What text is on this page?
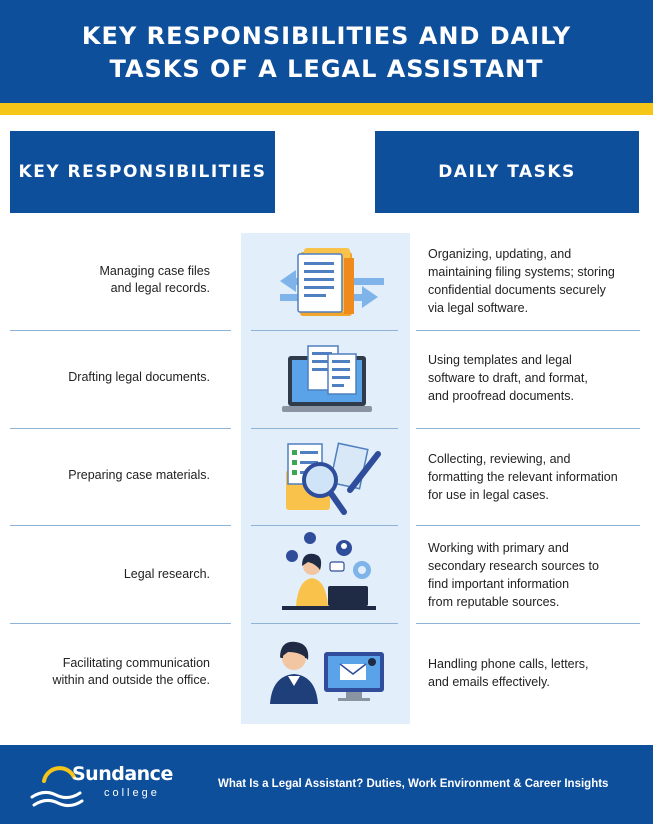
KEY RESPONSIBILITIES AND DAILY
TASKS OF A LEGAL ASSISTANT
KEY RESPONSIBILITIES	DAILY TASKS
Managing case files
and legal records.
Organizing, updating, and
maintaining filing systems; storing
confidential documents securely
via legal software.
Drafting legal documents.
Using templates and legal
software to draft, and format,
and proofread documents.
Preparing case materials.
Collecting, reviewing, and
formatting the relevant information
for use in legal cases.
Legal research.
Working with primary and
secondary research sources to
find important information
from reputable sources.
Facilitating communication
within and outside the office.
Handling phone calls, letters,
and emails effectively.
Sundance
college
What Is a Legal Assistant? Duties, Work Environment & Career Insights
